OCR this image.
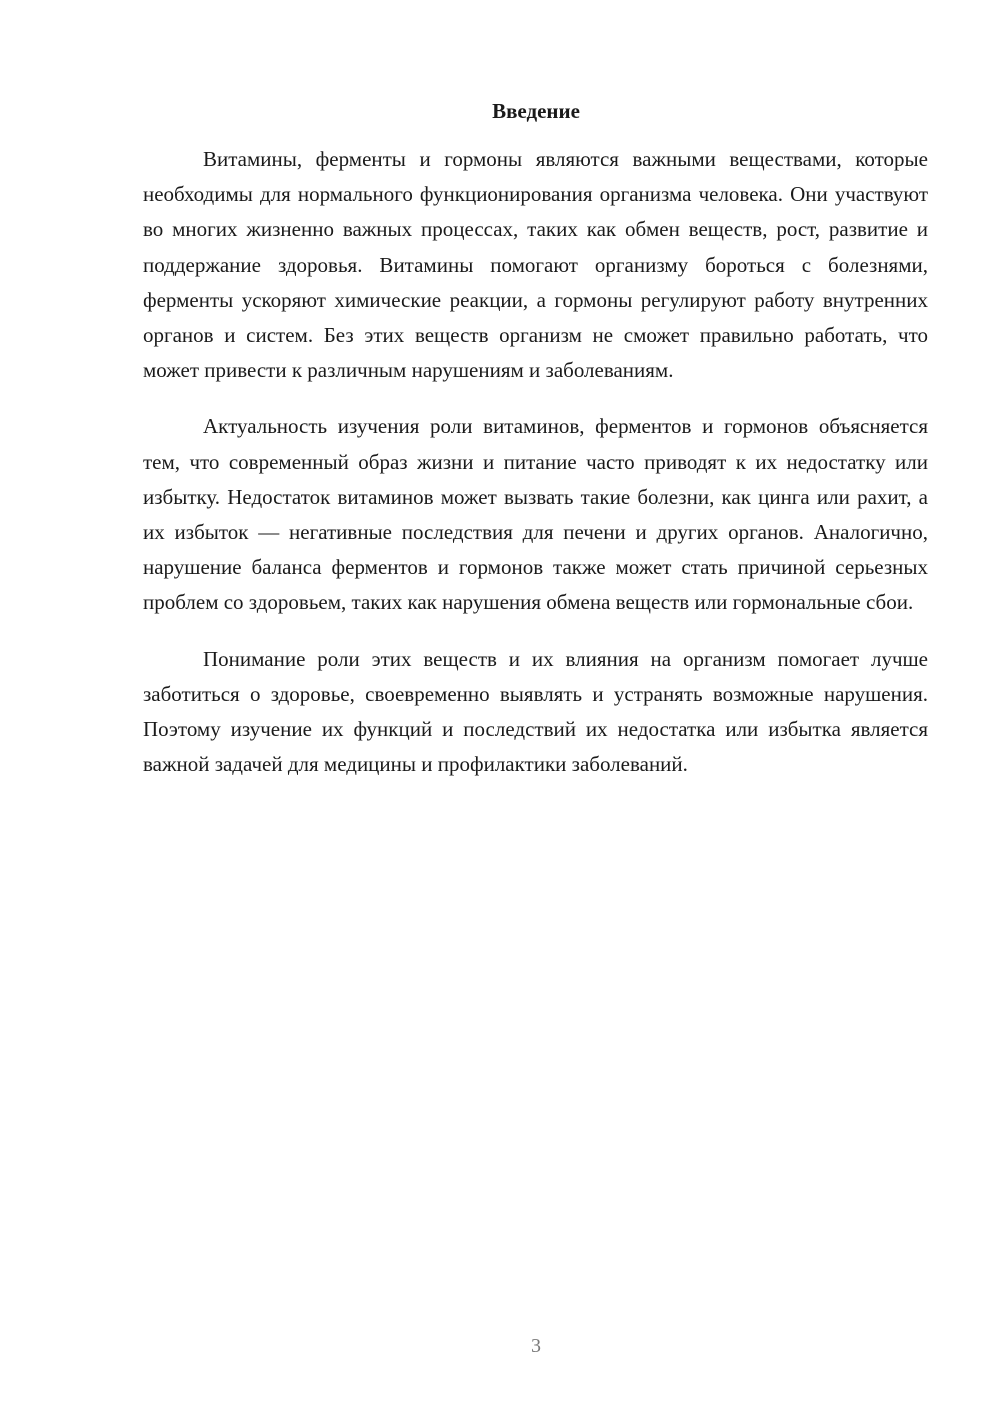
Введение

Витамины, ферменты и гормоны являются важными веществами, которые необходимы для нормального функционирования организма человека. Они участвуют во многих жизненно важных процессах, таких как обмен веществ, рост, развитие и поддержание здоровья. Витамины помогают организму бороться с болезнями, ферменты ускоряют химические реакции, а гормоны регулируют работу внутренних органов и систем. Без этих веществ организм не сможет правильно работать, что может привести к различным нарушениям и заболеваниям.

Актуальность изучения роли витаминов, ферментов и гормонов объясняется тем, что современный образ жизни и питание часто приводят к их недостатку или избытку. Недостаток витаминов может вызвать такие болезни, как цинга или рахит, а их избыток — негативные последствия для печени и других органов. Аналогично, нарушение баланса ферментов и гормонов также может стать причиной серьезных проблем со здоровьем, таких как нарушения обмена веществ или гормональные сбои.

Понимание роли этих веществ и их влияния на организм помогает лучше заботиться о здоровье, своевременно выявлять и устранять возможные нарушения. Поэтому изучение их функций и последствий их недостатка или избытка является важной задачей для медицины и профилактики заболеваний.

3
